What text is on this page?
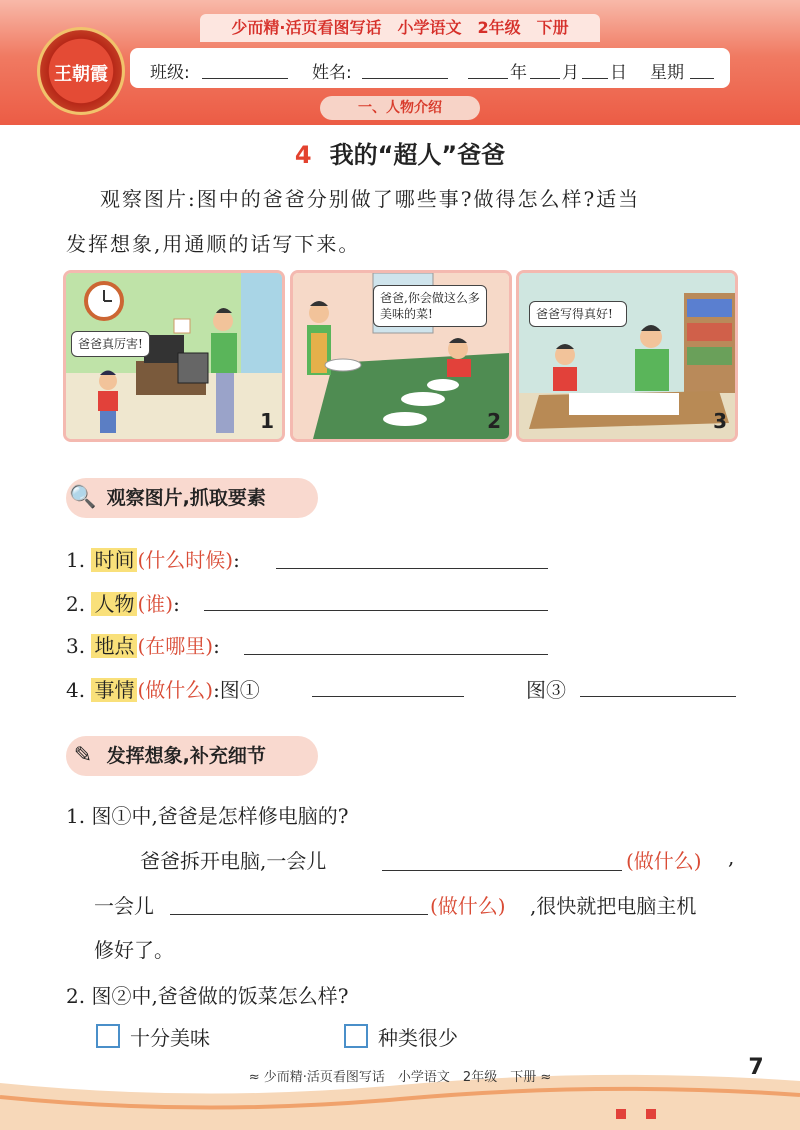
少而精·活页看图写话　小学语文　2年级　下册
王朝霞	班级:	姓名:	年 月 日 星期
一、人物介绍
4 我的“超人”爸爸
观察图片:图中的爸爸分别做了哪些事?做得怎么样?适当
发挥想象,用通顺的话写下来。
爸爸真厉害!
1
爸爸,你会做这么多美味的菜!
2
爸爸写得真好!
3
🔍 观察图片,抓取要素
1. 时间 (什么时候):
2. 人物 (谁):
3. 地点 (在哪里):
4. 事情 (做什么):图①	图③
✎ 发挥想象,补充细节
1. 图①中,爸爸是怎样修电脑的?
爸爸拆开电脑,一会儿	(做什么) ,
一会儿	(做什么) ,很快就把电脑主机
修好了。
2. 图②中,爸爸做的饭菜怎么样?
十分美味	种类很少
≈ 少而精·活页看图写话　小学语文　2年级　下册 ≈	7
